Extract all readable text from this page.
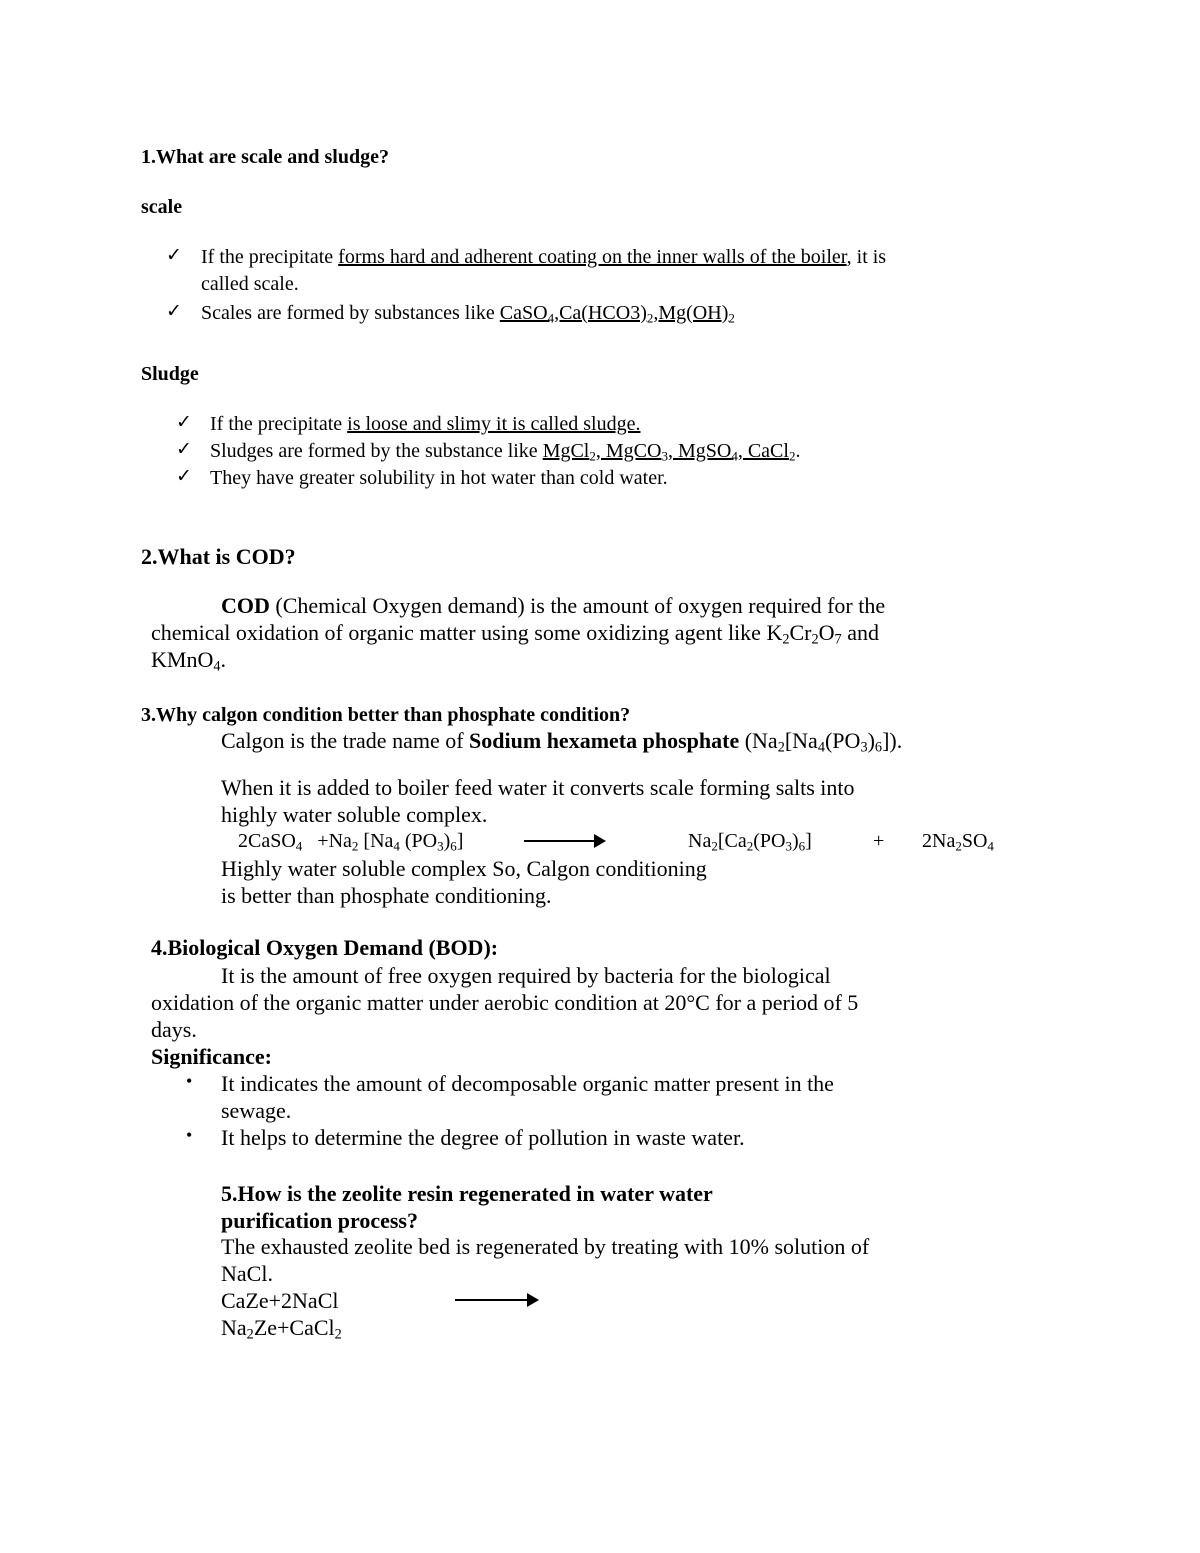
1.What are scale and sludge?
scale
✓ If the precipitate forms hard and adherent coating on the inner walls of the boiler, it is
called scale.
✓ Scales are formed by substances like $CaSO_4,Ca(HCO3)_2,Mg(OH)_2$
Sludge
✓ If the precipitate is loose and slimy it is called sludge.
✓ Sludges are formed by the substance like MgCl$_2$, MgCO$_3$, MgSO$_4$, CaCl$_2$.
✓ They have greater solubility in hot water than cold water.
2.What is COD?
COD (Chemical Oxygen demand) is the amount of oxygen required for the
chemical oxidation of organic matter using some oxidizing agent like $K_2Cr_2O_7$ and
KMnO$_4$.
3.Why calgon condition better than phosphate condition?
Calgon is the trade name of Sodium hexameta phosphate $(Na_2[Na_4(PO_3)_6])$.
When it is added to boiler feed water it converts scale forming salts into
highly water soluble complex.
2CaSO$_4$   $+Na_2$ [$Na_4$ $(PO_3)_6$]	$Na_2[Ca_2(PO_3)_6]$	+ $2Na_2SO_4$
Highly water soluble complex So, Calgon conditioning
is better than phosphate conditioning.
4.Biological Oxygen Demand (BOD):
It is the amount of free oxygen required by bacteria for the biological
oxidation of the organic matter under aerobic condition at 20°C for a period of 5
days.
Significance:
• It indicates the amount of decomposable organic matter present in the
sewage.
• It helps to determine the degree of pollution in waste water.
5.How is the zeolite resin regenerated in water water
purification process?
The exhausted zeolite bed is regenerated by treating with 10% solution of
NaCl.
CaZe+2NaCl
$Na_2Ze+CaCl_2$
